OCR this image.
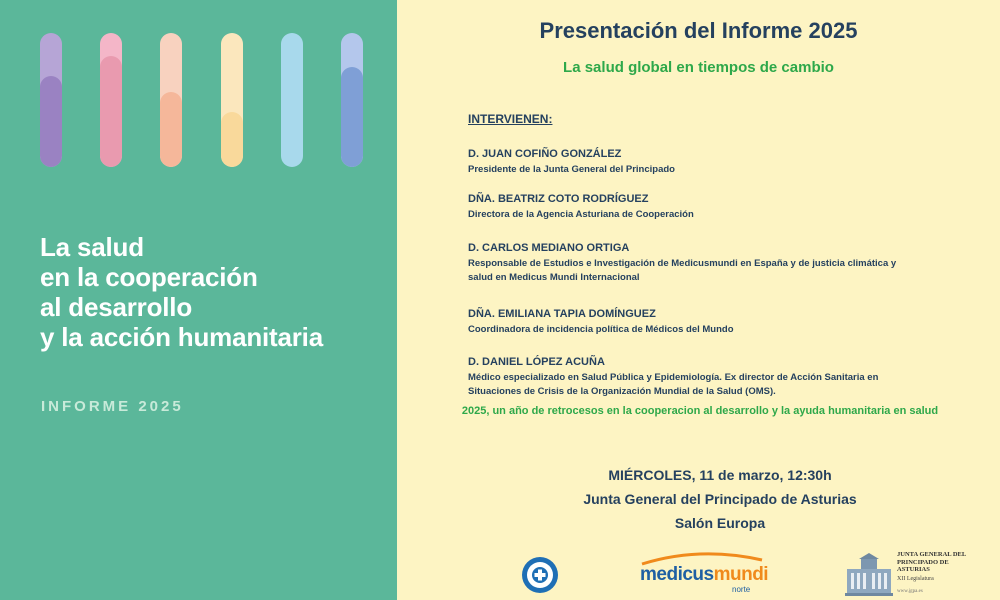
La salud
en la cooperación
al desarrollo
y la acción humanitaria
INFORME 2025
Presentación del Informe 2025
La salud global en tiempos de cambio
INTERVIENEN:
D. JUAN COFIÑO GONZÁLEZ
Presidente de la Junta General del Principado
DÑA. BEATRIZ COTO RODRÍGUEZ
Directora de la Agencia Asturiana de Cooperación
D. CARLOS MEDIANO ORTIGA
Responsable de Estudios e Investigación de Medicusmundi en España y de justicia climática y salud en Medicus Mundi Internacional
DÑA. EMILIANA TAPIA DOMÍNGUEZ
Coordinadora de incidencia política de Médicos del Mundo
D. DANIEL LÓPEZ ACUÑA
Médico especializado en Salud Pública y Epidemiología. Ex director de Acción Sanitaria en Situaciones de Crisis de la Organización Mundial de la Salud (OMS).
2025, un año de retrocesos en la cooperacion al desarrollo y la ayuda humanitaria en salud
MIÉRCOLES, 11 de marzo, 12:30h
Junta General del Principado de Asturias
Salón Europa
medicusmundi
norte
JUNTA GENERAL DEL PRINCIPADO DE ASTURIAS
XII Legislatura
www.jgpa.es
